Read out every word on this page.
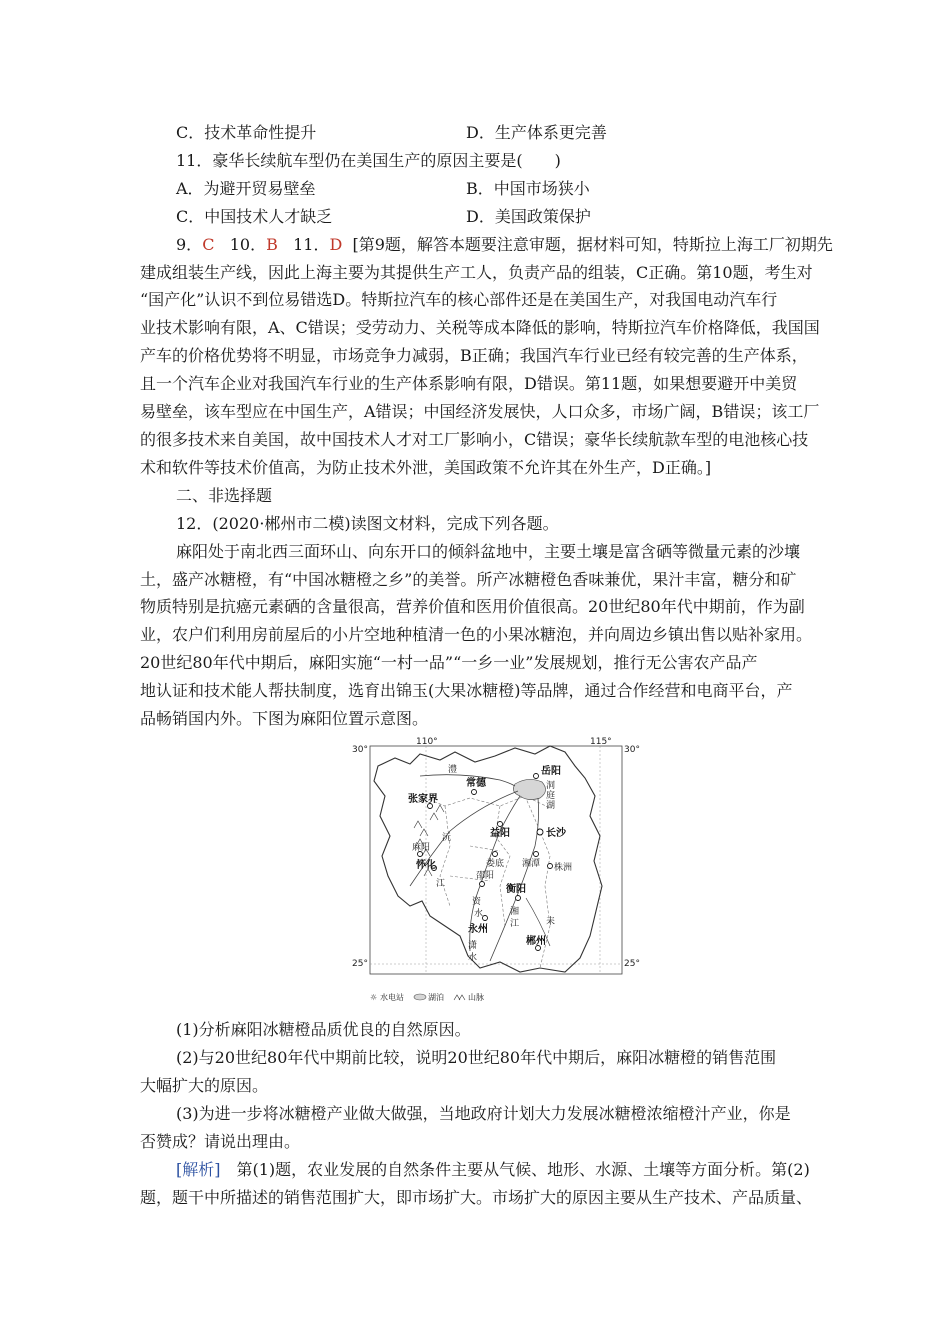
C．技术革命性提升	D．生产体系更完善
11．豪华长续航车型仍在美国生产的原因主要是(　　)
A．为避开贸易壁垒	B．中国市场狭小
C．中国技术人才缺乏	D．美国政策保护
9．C 10．B 11．D [第9题，解答本题要注意审题，据材料可知，特斯拉上海工厂初期先
建成组装生产线，因此上海主要为其提供生产工人，负责产品的组装，C正确。第10题，考生对
“国产化”认识不到位易错选D。特斯拉汽车的核心部件还是在美国生产，对我国电动汽车行
业技术影响有限，A、C错误；受劳动力、关税等成本降低的影响，特斯拉汽车价格降低，我国国
产车的价格优势将不明显，市场竞争力减弱，B正确；我国汽车行业已经有较完善的生产体系，
且一个汽车企业对我国汽车行业的生产体系影响有限，D错误。第11题，如果想要避开中美贸
易壁垒，该车型应在中国生产，A错误；中国经济发展快，人口众多，市场广阔，B错误；该工厂
的很多技术来自美国，故中国技术人才对工厂影响小，C错误；豪华长续航款车型的电池核心技
术和软件等技术价值高，为防止技术外泄，美国政策不允许其在外生产，D正确。]
二、非选择题
12．(2020·郴州市二模)读图文材料，完成下列各题。
麻阳处于南北西三面环山、向东开口的倾斜盆地中，主要土壤是富含硒等微量元素的沙壤
土，盛产冰糖橙，有“中国冰糖橙之乡”的美誉。所产冰糖橙色香味兼优，果汁丰富，糖分和矿
物质特别是抗癌元素硒的含量很高，营养价值和医用价值很高。20世纪80年代中期前，作为副
业，农户们利用房前屋后的小片空地种植清一色的小果冰糖泡，并向周边乡镇出售以贴补家用。
20世纪80年代中期后，麻阳实施“一村一品”“一乡一业”发展规划，推行无公害农产品产
地认证和技术能人帮扶制度，选育出锦玉(大果冰糖橙)等品牌，通过合作经营和电商平台，产
品畅销国内外。下图为麻阳位置示意图。
110°	115°
30°	30°
25°	25°
岳阳
常德
张家界
益阳	长沙
娄底 湘潭 株洲
麻阳
怀化
邵阳
衡阳
永州
郴州
洞
庭
湖
沅
江
资
水	湘
江
澧
耒
潇
水
☼ 水电站	湖泊	山脉
(1)分析麻阳冰糖橙品质优良的自然原因。
(2)与20世纪80年代中期前比较，说明20世纪80年代中期后，麻阳冰糖橙的销售范围
大幅扩大的原因。
(3)为进一步将冰糖橙产业做大做强，当地政府计划大力发展冰糖橙浓缩橙汁产业，你是
否赞成？请说出理由。
[解析]　第(1)题，农业发展的自然条件主要从气候、地形、水源、土壤等方面分析。第(2)
题，题干中所描述的销售范围扩大，即市场扩大。市场扩大的原因主要从生产技术、产品质量、
